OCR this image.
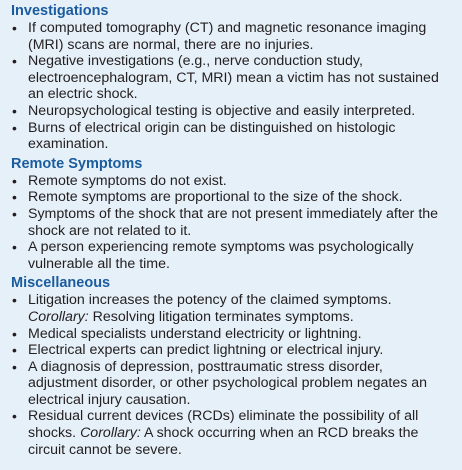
Investigations
• If computed tomography (CT) and magnetic resonance imaging (MRI) scans are normal, there are no injuries.
• Negative investigations (e.g., nerve conduction study, electroencephalogram, CT, MRI) mean a victim has not sustained an electric shock.
• Neuropsychological testing is objective and easily interpreted.
• Burns of electrical origin can be distinguished on histologic examination.
Remote Symptoms
• Remote symptoms do not exist.
• Remote symptoms are proportional to the size of the shock.
• Symptoms of the shock that are not present immediately after the shock are not related to it.
• A person experiencing remote symptoms was psychologically vulnerable all the time.
Miscellaneous
• Litigation increases the potency of the claimed symptoms.
Corollary: Resolving litigation terminates symptoms.
• Medical specialists understand electricity or lightning.
• Electrical experts can predict lightning or electrical injury.
• A diagnosis of depression, posttraumatic stress disorder, adjustment disorder, or other psychological problem negates an electrical injury causation.
• Residual current devices (RCDs) eliminate the possibility of all shocks. Corollary: A shock occurring when an RCD breaks the circuit cannot be severe.
